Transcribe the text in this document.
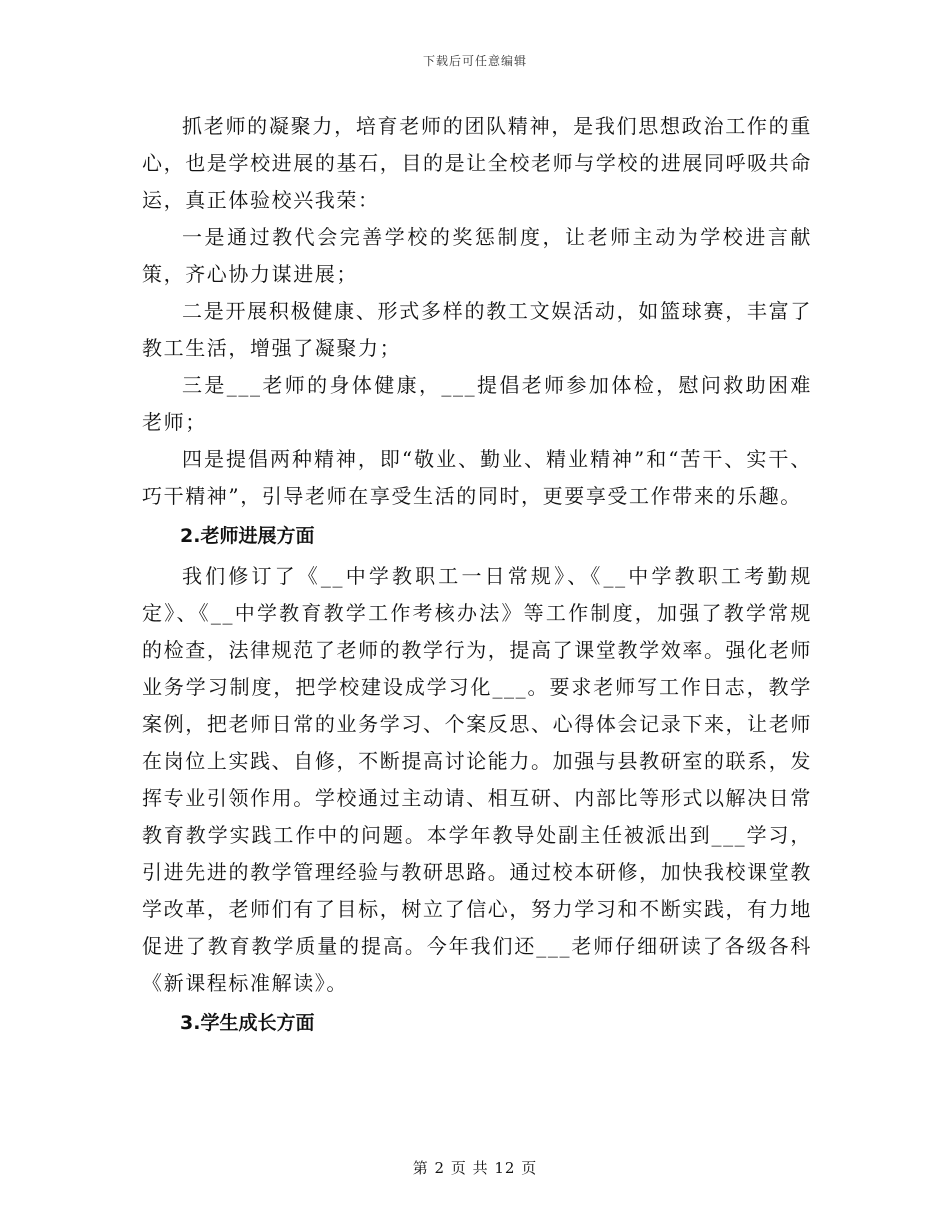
下载后可任意编辑

抓老师的凝聚力，培育老师的团队精神，是我们思想政治工作的重心，也是学校进展的基石，目的是让全校老师与学校的进展同呼吸共命运，真正体验校兴我荣：

一是通过教代会完善学校的奖惩制度，让老师主动为学校进言献策，齐心协力谋进展；

二是开展积极健康、形式多样的教工文娱活动，如篮球赛，丰富了教工生活，增强了凝聚力；

三是___老师的身体健康，___提倡老师参加体检，慰问救助困难老师；

四是提倡两种精神，即“敬业、勤业、精业精神”和“苦干、实干、巧干精神”，引导老师在享受生活的同时，更要享受工作带来的乐趣。

2.老师进展方面

我们修订了《__中学教职工一日常规》、《__中学教职工考勤规定》、《__中学教育教学工作考核办法》等工作制度，加强了教学常规的检查，法律规范了老师的教学行为，提高了课堂教学效率。强化老师业务学习制度，把学校建设成学习化___。要求老师写工作日志，教学案例，把老师日常的业务学习、个案反思、心得体会记录下来，让老师在岗位上实践、自修，不断提高讨论能力。加强与县教研室的联系，发挥专业引领作用。学校通过主动请、相互研、内部比等形式以解决日常教育教学实践工作中的问题。本学年教导处副主任被派出到___学习，引进先进的教学管理经验与教研思路。通过校本研修，加快我校课堂教学改革，老师们有了目标，树立了信心，努力学习和不断实践，有力地促进了教育教学质量的提高。今年我们还___老师仔细研读了各级各科《新课程标准解读》。

3.学生成长方面

第 2 页 共 12 页
